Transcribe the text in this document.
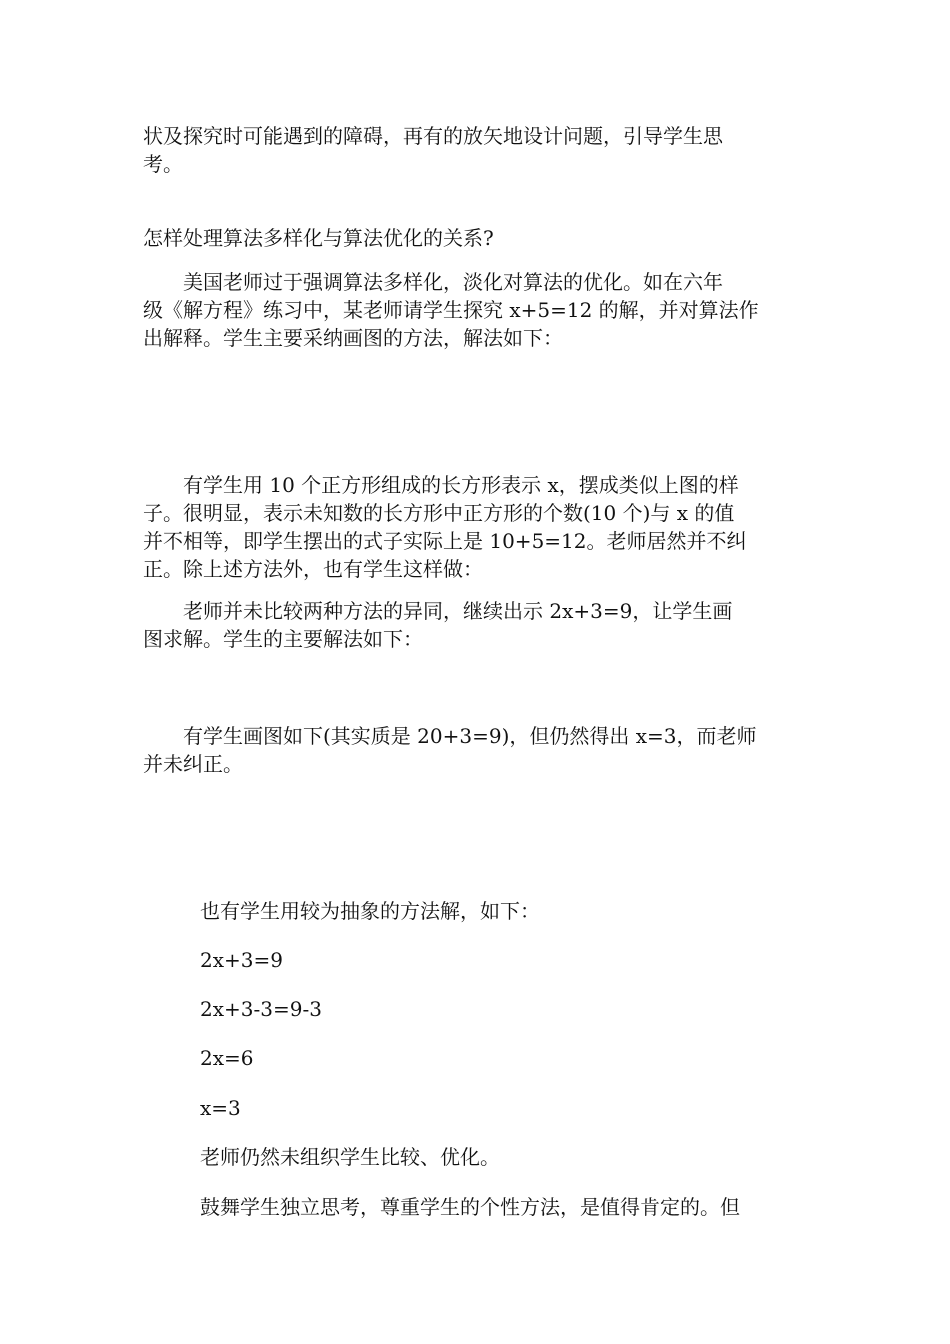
状及探究时可能遇到的障碍，再有的放矢地设计问题，引导学生思
考。

怎样处理算法多样化与算法优化的关系?

　　美国老师过于强调算法多样化，淡化对算法的优化。如在六年
级《解方程》练习中，某老师请学生探究 x+5=12 的解，并对算法作
出解释。学生主要采纳画图的方法，解法如下：

　　有学生用 10 个正方形组成的长方形表示 x，摆成类似上图的样
子。很明显，表示未知数的长方形中正方形的个数(10 个)与 x 的值
并不相等，即学生摆出的式子实际上是 10+5=12。老师居然并不纠
正。除上述方法外，也有学生这样做：

　　老师并未比较两种方法的异同，继续出示 2x+3=9，让学生画
图求解。学生的主要解法如下：

　　有学生画图如下(其实质是 20+3=9)，但仍然得出 x=3，而老师
并未纠正。

也有学生用较为抽象的方法解，如下：

2x+3=9

2x+3-3=9-3

2x=6

x=3

老师仍然未组织学生比较、优化。

鼓舞学生独立思考，尊重学生的个性方法，是值得肯定的。但
